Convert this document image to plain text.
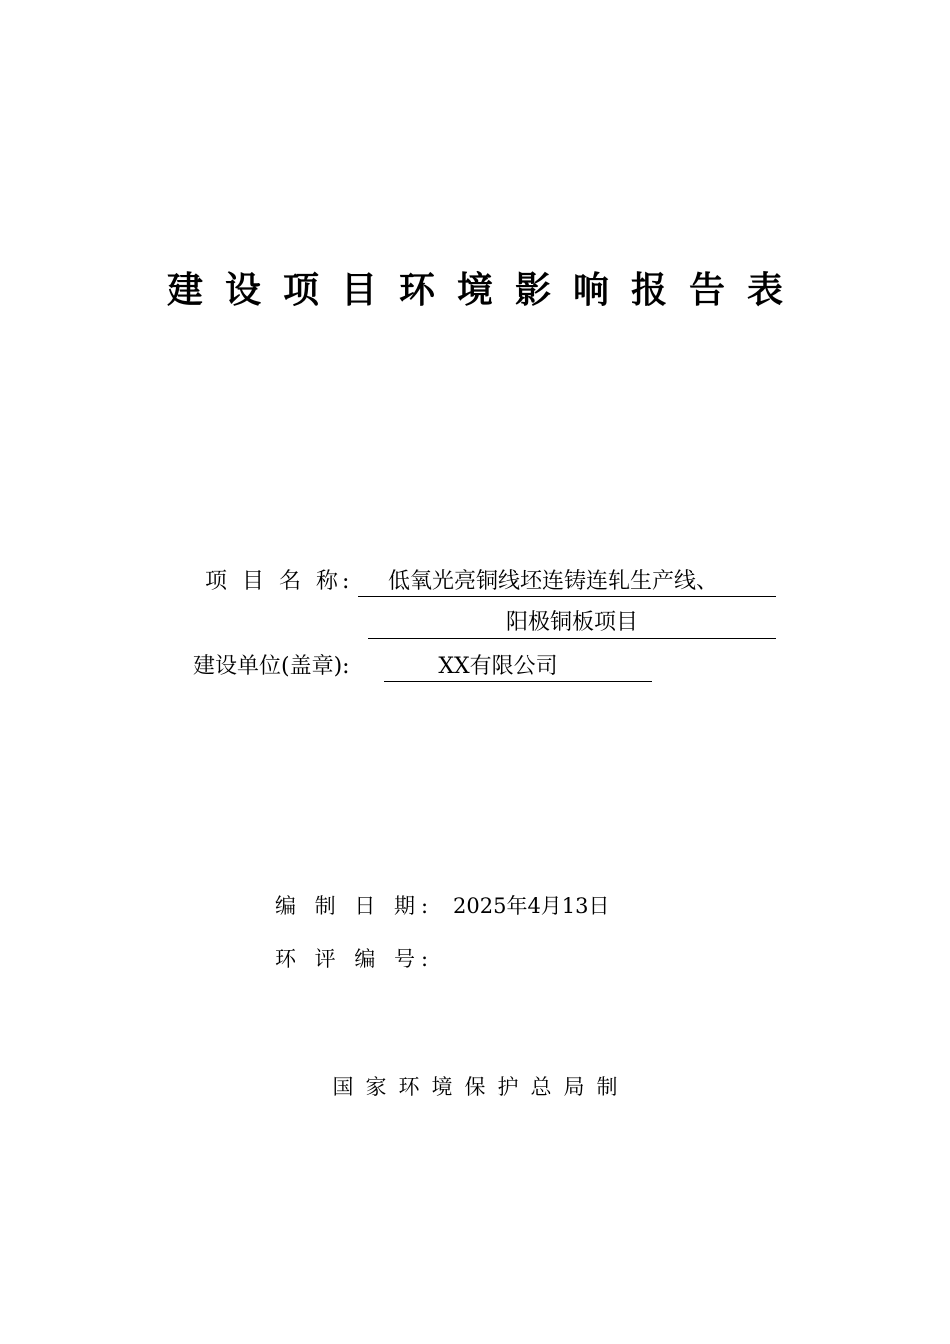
建设项目环境影响报告表
项 目 名 称:	低氧光亮铜线坯连铸连轧生产线、
阳极铜板项目
建设单位(盖章):	XX有限公司
编 制 日 期: 2025年4月13日
环 评 编 号:
国家环境保护总局制
